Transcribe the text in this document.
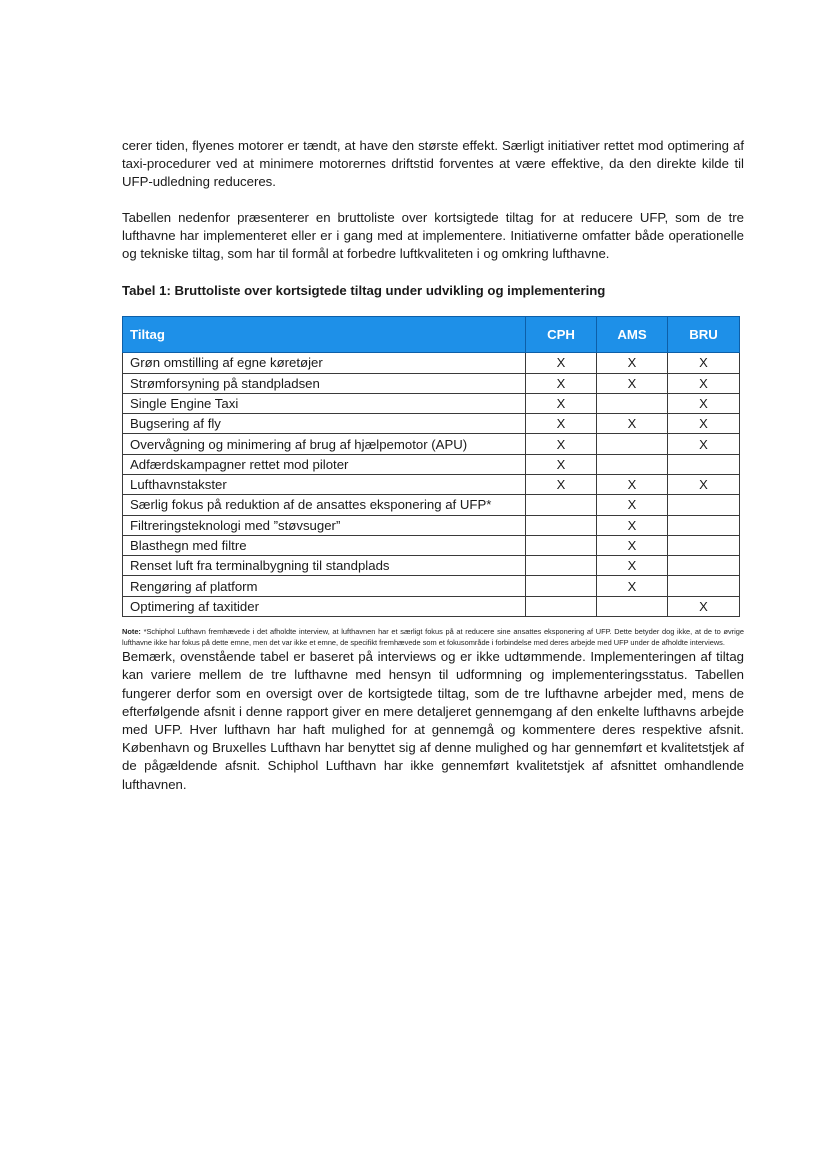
cerer tiden, flyenes motorer er tændt, at have den største effekt. Særligt initiativer rettet mod optimering af taxi-procedurer ved at minimere motorernes driftstid forventes at være effektive, da den direkte kilde til UFP-udledning reduceres.

Tabellen nedenfor præsenterer en bruttoliste over kortsigtede tiltag for at reducere UFP, som de tre lufthavne har implementeret eller er i gang med at implementere. Initiativerne omfatter både operationelle og tekniske tiltag, som har til formål at forbedre luftkvaliteten i og omkring lufthavne.

Tabel 1: Bruttoliste over kortsigtede tiltag under udvikling og implementering
Tiltag	CPH	AMS	BRU
Grøn omstilling af egne køretøjer	X	X	X
Strømforsyning på standpladsen	X	X	X
Single Engine Taxi	X		X
Bugsering af fly	X	X	X
Overvågning og minimering af brug af hjælpemotor (APU)	X		X
Adfærdskampagner rettet mod piloter	X		
Lufthavnstakster	X	X	X
Særlig fokus på reduktion af de ansattes eksponering af UFP*		X	
Filtreringsteknologi med ”støvsuger”		X	
Blasthegn med filtre		X	
Renset luft fra terminalbygning til standplads		X	
Rengøring af platform		X	
Optimering af taxitider			X
Note: *Schiphol Lufthavn fremhævede i det afholdte interview, at lufthavnen har et særligt fokus på at reducere sine ansattes eksponering af UFP. Dette betyder dog ikke, at de to øvrige lufthavne ikke har fokus på dette emne, men det var ikke et emne, de specifikt fremhævede som et fokusområde i forbindelse med deres arbejde med UFP under de afholdte interviews.

Bemærk, ovenstående tabel er baseret på interviews og er ikke udtømmende. Implementeringen af tiltag kan variere mellem de tre lufthavne med hensyn til udformning og implementeringsstatus. Tabellen fungerer derfor som en oversigt over de kortsigtede tiltag, som de tre lufthavne arbejder med, mens de efterfølgende afsnit i denne rapport giver en mere detaljeret gennemgang af den enkelte lufthavns arbejde med UFP. Hver lufthavn har haft mulighed for at gennemgå og kommentere deres respektive afsnit. København og Bruxelles Lufthavn har benyttet sig af denne mulighed og har gennemført et kvalitetstjek af de pågældende afsnit. Schiphol Lufthavn har ikke gennemført kvalitetstjek af afsnittet omhandlende lufthavnen.
